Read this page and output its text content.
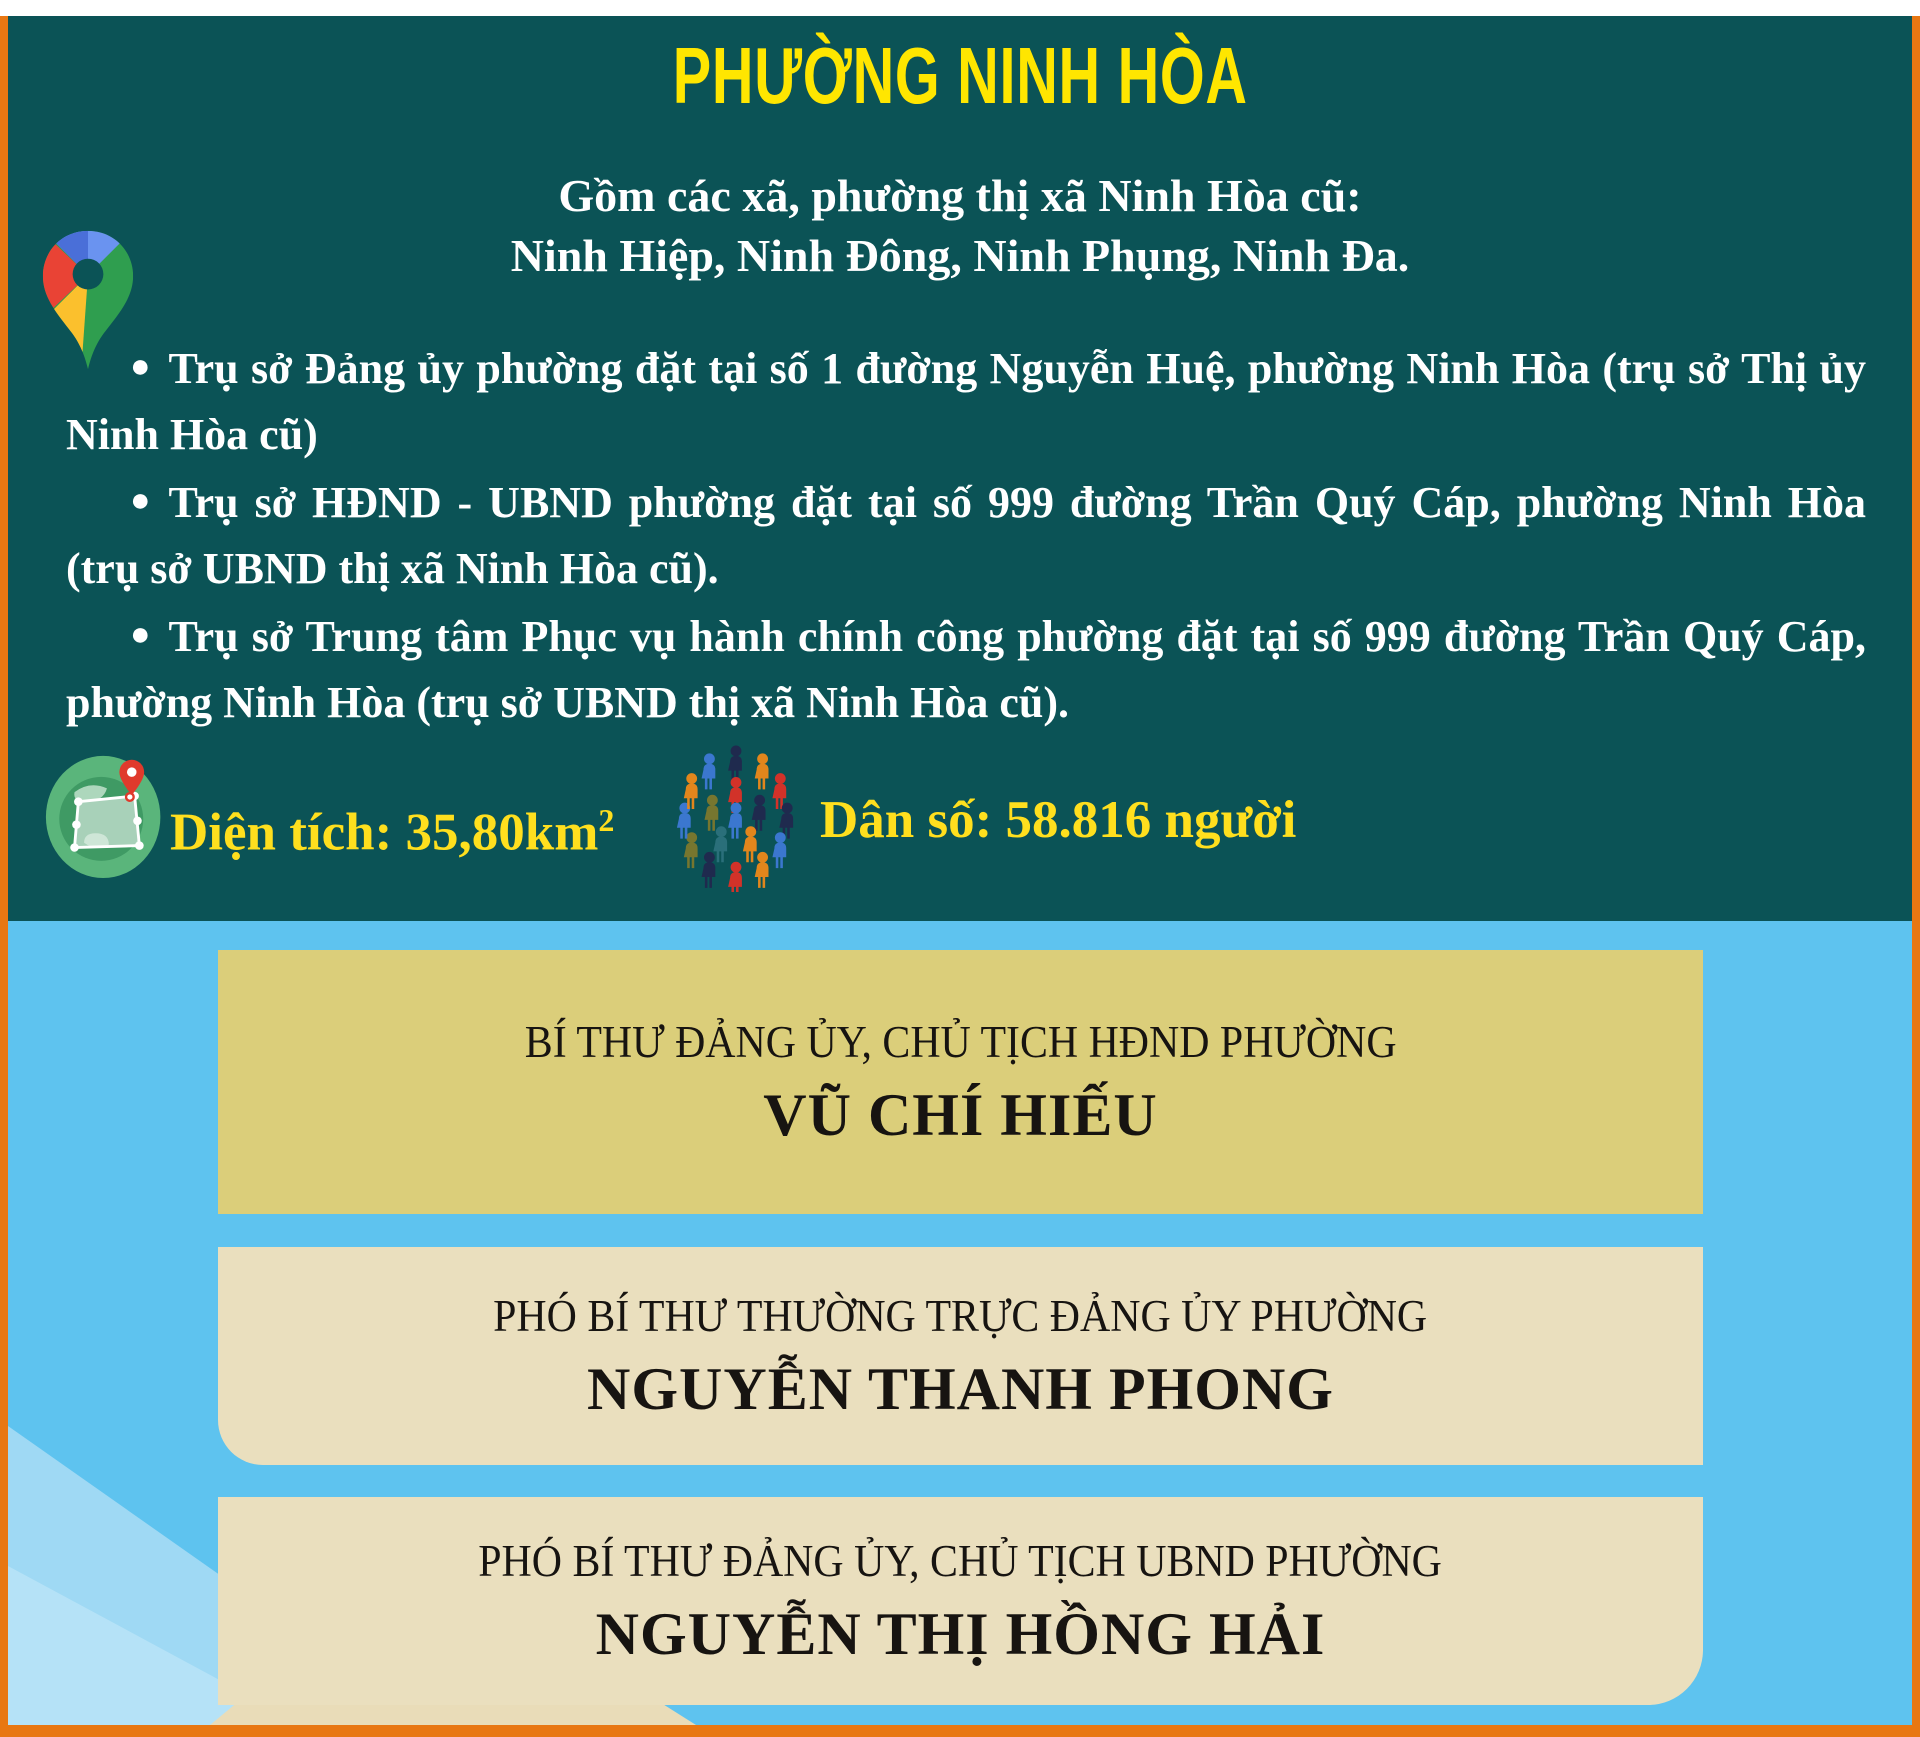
PHƯỜNG NINH HÒA
Gồm các xã, phường thị xã Ninh Hòa cũ:
Ninh Hiệp, Ninh Đông, Ninh Phụng, Ninh Đa.

● Trụ sở Đảng ủy phường đặt tại số 1 đường Nguyễn Huệ, phường Ninh Hòa (trụ sở Thị ủy Ninh Hòa cũ)

● Trụ sở HĐND - UBND phường đặt tại số 999 đường Trần Quý Cáp, phường Ninh Hòa (trụ sở UBND thị xã Ninh Hòa cũ).

● Trụ sở Trung tâm Phục vụ hành chính công phường đặt tại số 999 đường Trần Quý Cáp, phường Ninh Hòa (trụ sở UBND thị xã Ninh Hòa cũ).

Diện tích: $35,80km^2$	Dân số: 58.816 người
BÍ THƯ ĐẢNG ỦY, CHỦ TỊCH HĐND PHƯỜNG
VŨ CHÍ HIẾU
PHÓ BÍ THƯ THƯỜNG TRỰC ĐẢNG ỦY PHƯỜNG
NGUYỄN THANH PHONG
PHÓ BÍ THƯ ĐẢNG ỦY, CHỦ TỊCH UBND PHƯỜNG
NGUYỄN THỊ HỒNG HẢI
